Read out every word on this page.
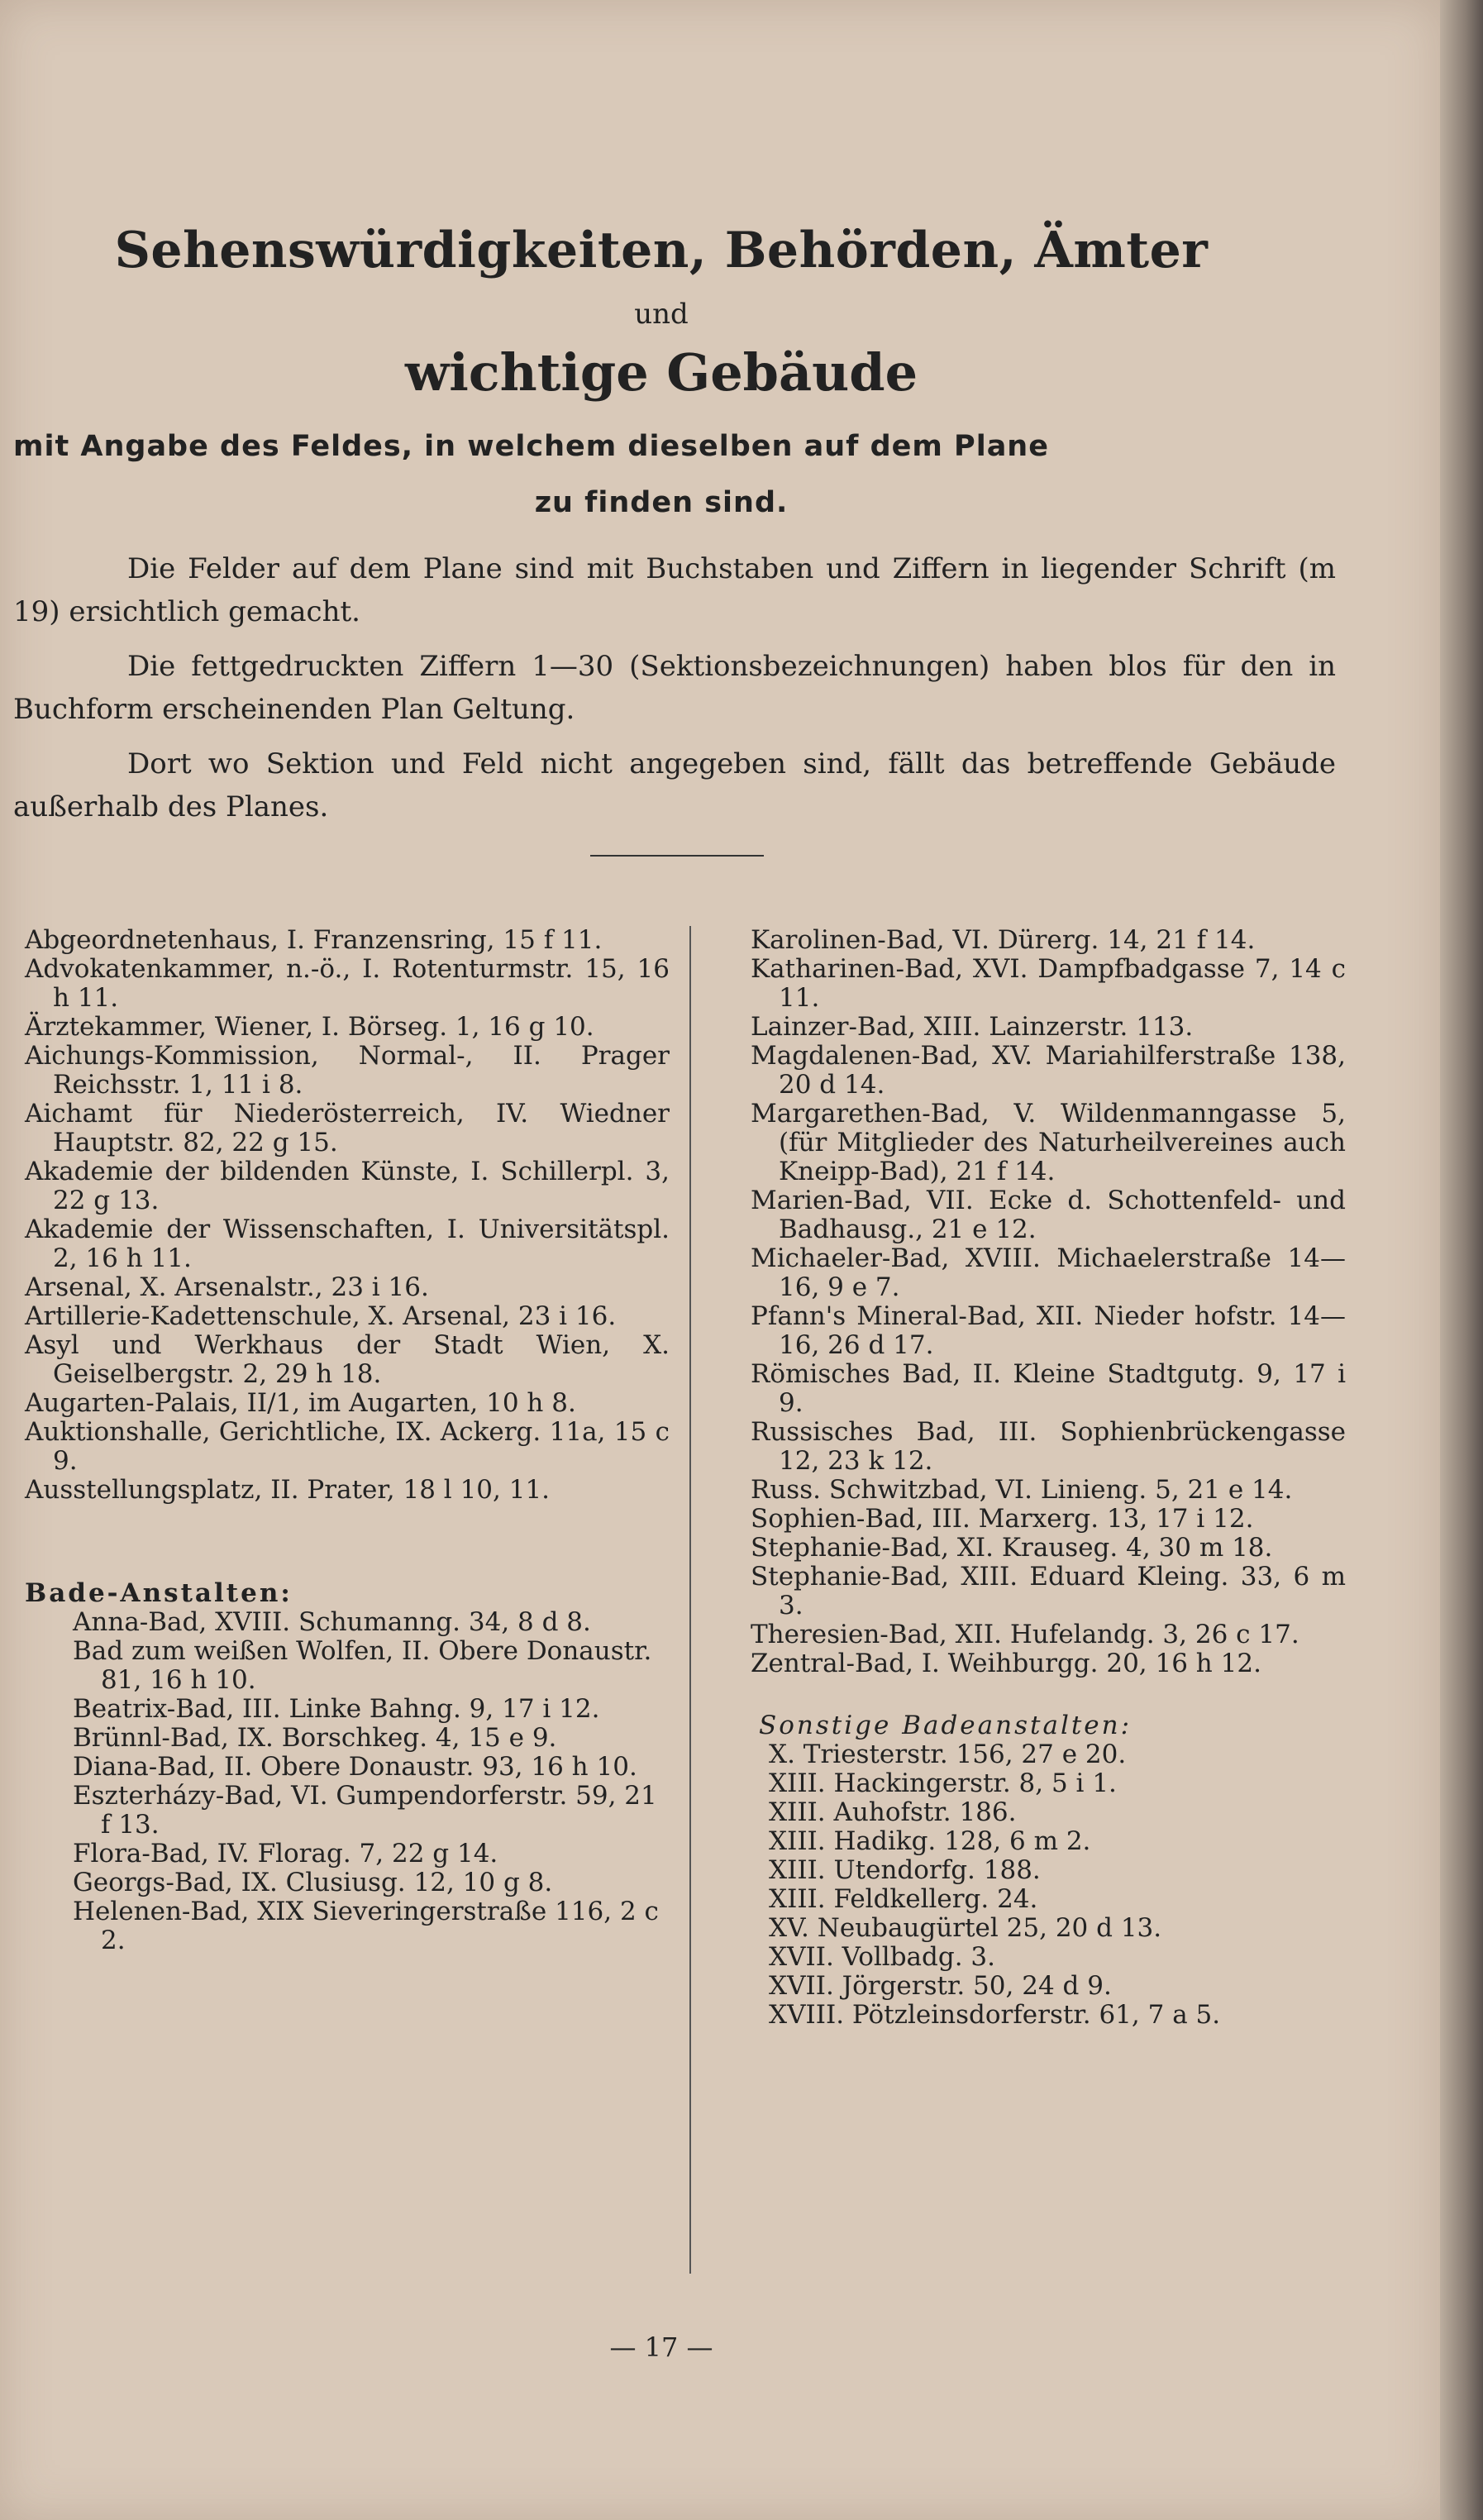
Sehenswürdigkeiten, Behörden, Ämter
und
wichtige Gebäude
mit Angabe des Feldes, in welchem dieselben auf dem Plane
zu finden sind.
Die Felder auf dem Plane sind mit Buchstaben und Ziffern in liegender Schrift (m 19) ersichtlich gemacht.
Die fettgedruckten Ziffern 1—30 (Sektionsbezeichnungen) haben blos für den in Buchform erscheinenden Plan Geltung.
Dort wo Sektion und Feld nicht angegeben sind, fällt das betreffende Gebäude außerhalb des Planes.

Abgeordnetenhaus, I. Franzensring, 15 f 11.

Advokatenkammer, n.-ö., I. Rotenturmstr. 15, 16 h 11.

Ärztekammer, Wiener, I. Börseg. 1, 16 g 10.

Aichungs-Kommission, Normal-, II. Prager Reichsstr. 1, 11 i 8.

Aichamt für Niederösterreich, IV. Wiedner Hauptstr. 82, 22 g 15.

Akademie der bildenden Künste, I. Schillerpl. 3, 22 g 13.

Akademie der Wissenschaften, I. Universitätspl. 2, 16 h 11.

Arsenal, X. Arsenalstr., 23 i 16.

Artillerie-Kadettenschule, X. Arsenal, 23 i 16.

Asyl und Werkhaus der Stadt Wien, X. Geiselbergstr. 2, 29 h 18.

Augarten-Palais, II/1, im Augarten, 10 h 8.

Auktionshalle, Gerichtliche, IX. Ackerg. 11a, 15 c 9.

Ausstellungsplatz, II. Prater, 18 l 10, 11.

Bade-Anstalten:

Anna-Bad, XVIII. Schumanng. 34, 8 d 8.

Bad zum weißen Wolfen, II. Obere Donaustr. 81, 16 h 10.

Beatrix-Bad, III. Linke Bahng. 9, 17 i 12.

Brünnl-Bad, IX. Borschkeg. 4, 15 e 9.

Diana-Bad, II. Obere Donaustr. 93, 16 h 10.

Eszterházy-Bad, VI. Gumpendorferstr. 59, 21 f 13.

Flora-Bad, IV. Florag. 7, 22 g 14.

Georgs-Bad, IX. Clusiusg. 12, 10 g 8.

Helenen-Bad, XIX Sieveringerstraße 116, 2 c 2.

Karolinen-Bad, VI. Dürerg. 14, 21 f 14.

Katharinen-Bad, XVI. Dampfbadgasse 7, 14 c 11.

Lainzer-Bad, XIII. Lainzerstr. 113.

Magdalenen-Bad, XV. Mariahilferstraße 138, 20 d 14.

Margarethen-Bad, V. Wildenmanngasse 5, (für Mitglieder des Naturheilvereines auch Kneipp-Bad), 21 f 14.

Marien-Bad, VII. Ecke d. Schottenfeld- und Badhausg., 21 e 12.

Michaeler-Bad, XVIII. Michaelerstraße 14—16, 9 e 7.

Pfann's Mineral-Bad, XII. Nieder hofstr. 14—16, 26 d 17.

Römisches Bad, II. Kleine Stadtgutg. 9, 17 i 9.

Russisches Bad, III. Sophienbrückengasse 12, 23 k 12.

Russ. Schwitzbad, VI. Linieng. 5, 21 e 14.

Sophien-Bad, III. Marxerg. 13, 17 i 12.

Stephanie-Bad, XI. Krauseg. 4, 30 m 18.

Stephanie-Bad, XIII. Eduard Kleing. 33, 6 m 3.

Theresien-Bad, XII. Hufelandg. 3, 26 c 17.

Zentral-Bad, I. Weihburgg. 20, 16 h 12.

Sonstige Badeanstalten:

X. Triesterstr. 156, 27 e 20.

XIII. Hackingerstr. 8, 5 i 1.

XIII. Auhofstr. 186.

XIII. Hadikg. 128, 6 m 2.

XIII. Utendorfg. 188.

XIII. Feldkellerg. 24.

XV. Neubaugürtel 25, 20 d 13.

XVII. Vollbadg. 3.

XVII. Jörgerstr. 50, 24 d 9.

XVIII. Pötzleinsdorferstr. 61, 7 a 5.

— 17 —
